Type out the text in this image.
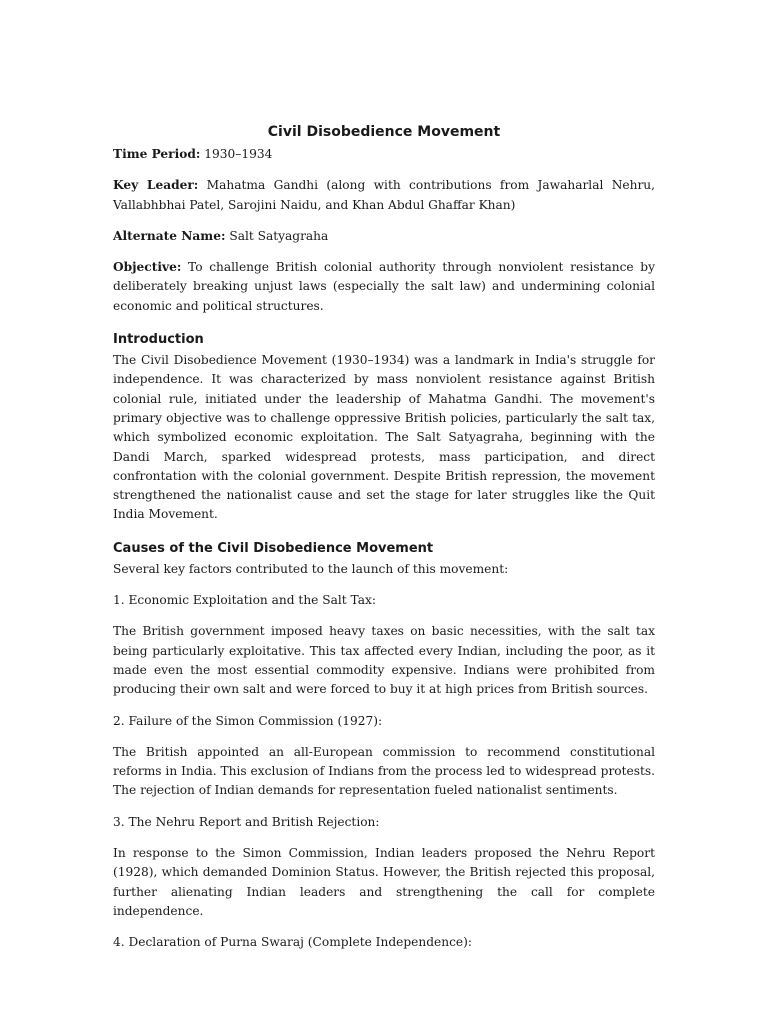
Civil Disobedience Movement

Time Period: 1930–1934

Key Leader: Mahatma Gandhi (along with contributions from Jawaharlal Nehru, Vallabhbhai Patel, Sarojini Naidu, and Khan Abdul Ghaffar Khan)

Alternate Name: Salt Satyagraha

Objective: To challenge British colonial authority through nonviolent resistance by deliberately breaking unjust laws (especially the salt law) and undermining colonial economic and political structures.

Introduction

The Civil Disobedience Movement (1930–1934) was a landmark in India's struggle for independence. It was characterized by mass nonviolent resistance against British colonial rule, initiated under the leadership of Mahatma Gandhi. The movement's primary objective was to challenge oppressive British policies, particularly the salt tax, which symbolized economic exploitation. The Salt Satyagraha, beginning with the Dandi March, sparked widespread protests, mass participation, and direct confrontation with the colonial government. Despite British repression, the movement strengthened the nationalist cause and set the stage for later struggles like the Quit India Movement.

Causes of the Civil Disobedience Movement

Several key factors contributed to the launch of this movement:

1. Economic Exploitation and the Salt Tax:

The British government imposed heavy taxes on basic necessities, with the salt tax being particularly exploitative. This tax affected every Indian, including the poor, as it made even the most essential commodity expensive. Indians were prohibited from producing their own salt and were forced to buy it at high prices from British sources.

2. Failure of the Simon Commission (1927):

The British appointed an all-European commission to recommend constitutional reforms in India. This exclusion of Indians from the process led to widespread protests. The rejection of Indian demands for representation fueled nationalist sentiments.

3. The Nehru Report and British Rejection:

In response to the Simon Commission, Indian leaders proposed the Nehru Report (1928), which demanded Dominion Status. However, the British rejected this proposal, further alienating Indian leaders and strengthening the call for complete independence.

4. Declaration of Purna Swaraj (Complete Independence):
